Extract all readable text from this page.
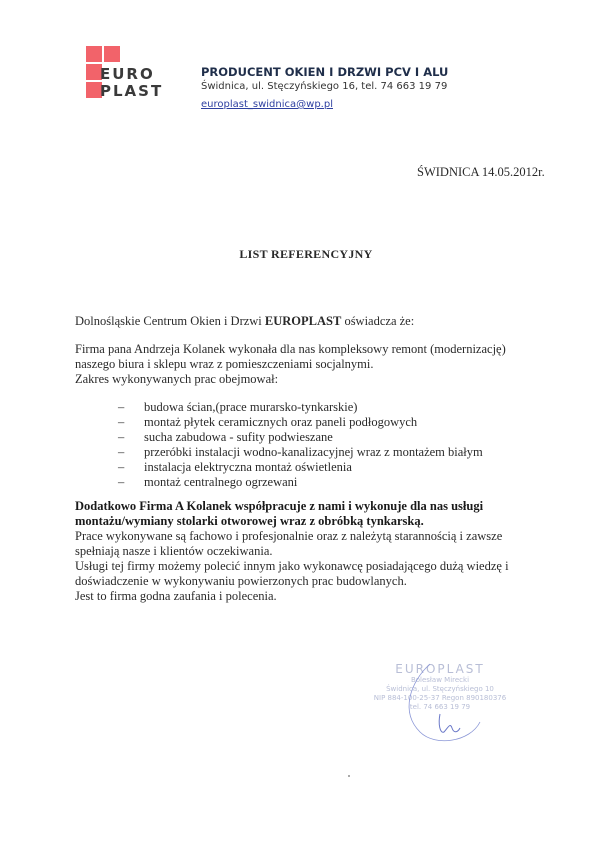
EURO
PLAST
PRODUCENT OKIEN I DRZWI PCV I ALU
Świdnica, ul. Stęczyńskiego 16, tel. 74 663 19 79
europlast_swidnica@wp.pl
ŚWIDNICA 14.05.2012r.
LIST REFERENCYJNY
Dolnośląskie Centrum Okien i Drzwi EUROPLAST oświadcza że:
Firma pana Andrzeja Kolanek wykonała dla nas kompleksowy remont (modernizację)
naszego biura i sklepu wraz z pomieszczeniami socjalnymi.
Zakres wykonywanych prac obejmował:
– budowa ścian,(prace murarsko-tynkarskie)
– montaż płytek ceramicznych oraz paneli podłogowych
– sucha zabudowa - sufity podwieszane
– przeróbki instalacji wodno-kanalizacyjnej wraz z montażem białym
– instalacja elektryczna montaż oświetlenia
– montaż centralnego ogrzewani
Dodatkowo Firma A Kolanek współpracuje z nami i wykonuje dla nas usługi
montażu/wymiany stolarki otworowej wraz z obróbką tynkarską.
Prace wykonywane są fachowo i profesjonalnie oraz z należytą starannością i zawsze
spełniają nasze i klientów oczekiwania.
Usługi tej firmy możemy polecić innym jako wykonawcę posiadającego dużą wiedzę i
doświadczenie w wykonywaniu powierzonych prac budowlanych.
Jest to firma godna zaufania i polecenia.
EUROPLAST
Bolesław Mirecki
Świdnica, ul. Stęczyńskiego 10
NIP 884-100-25-37 Regon 890180376
tel. 74 663 19 79
